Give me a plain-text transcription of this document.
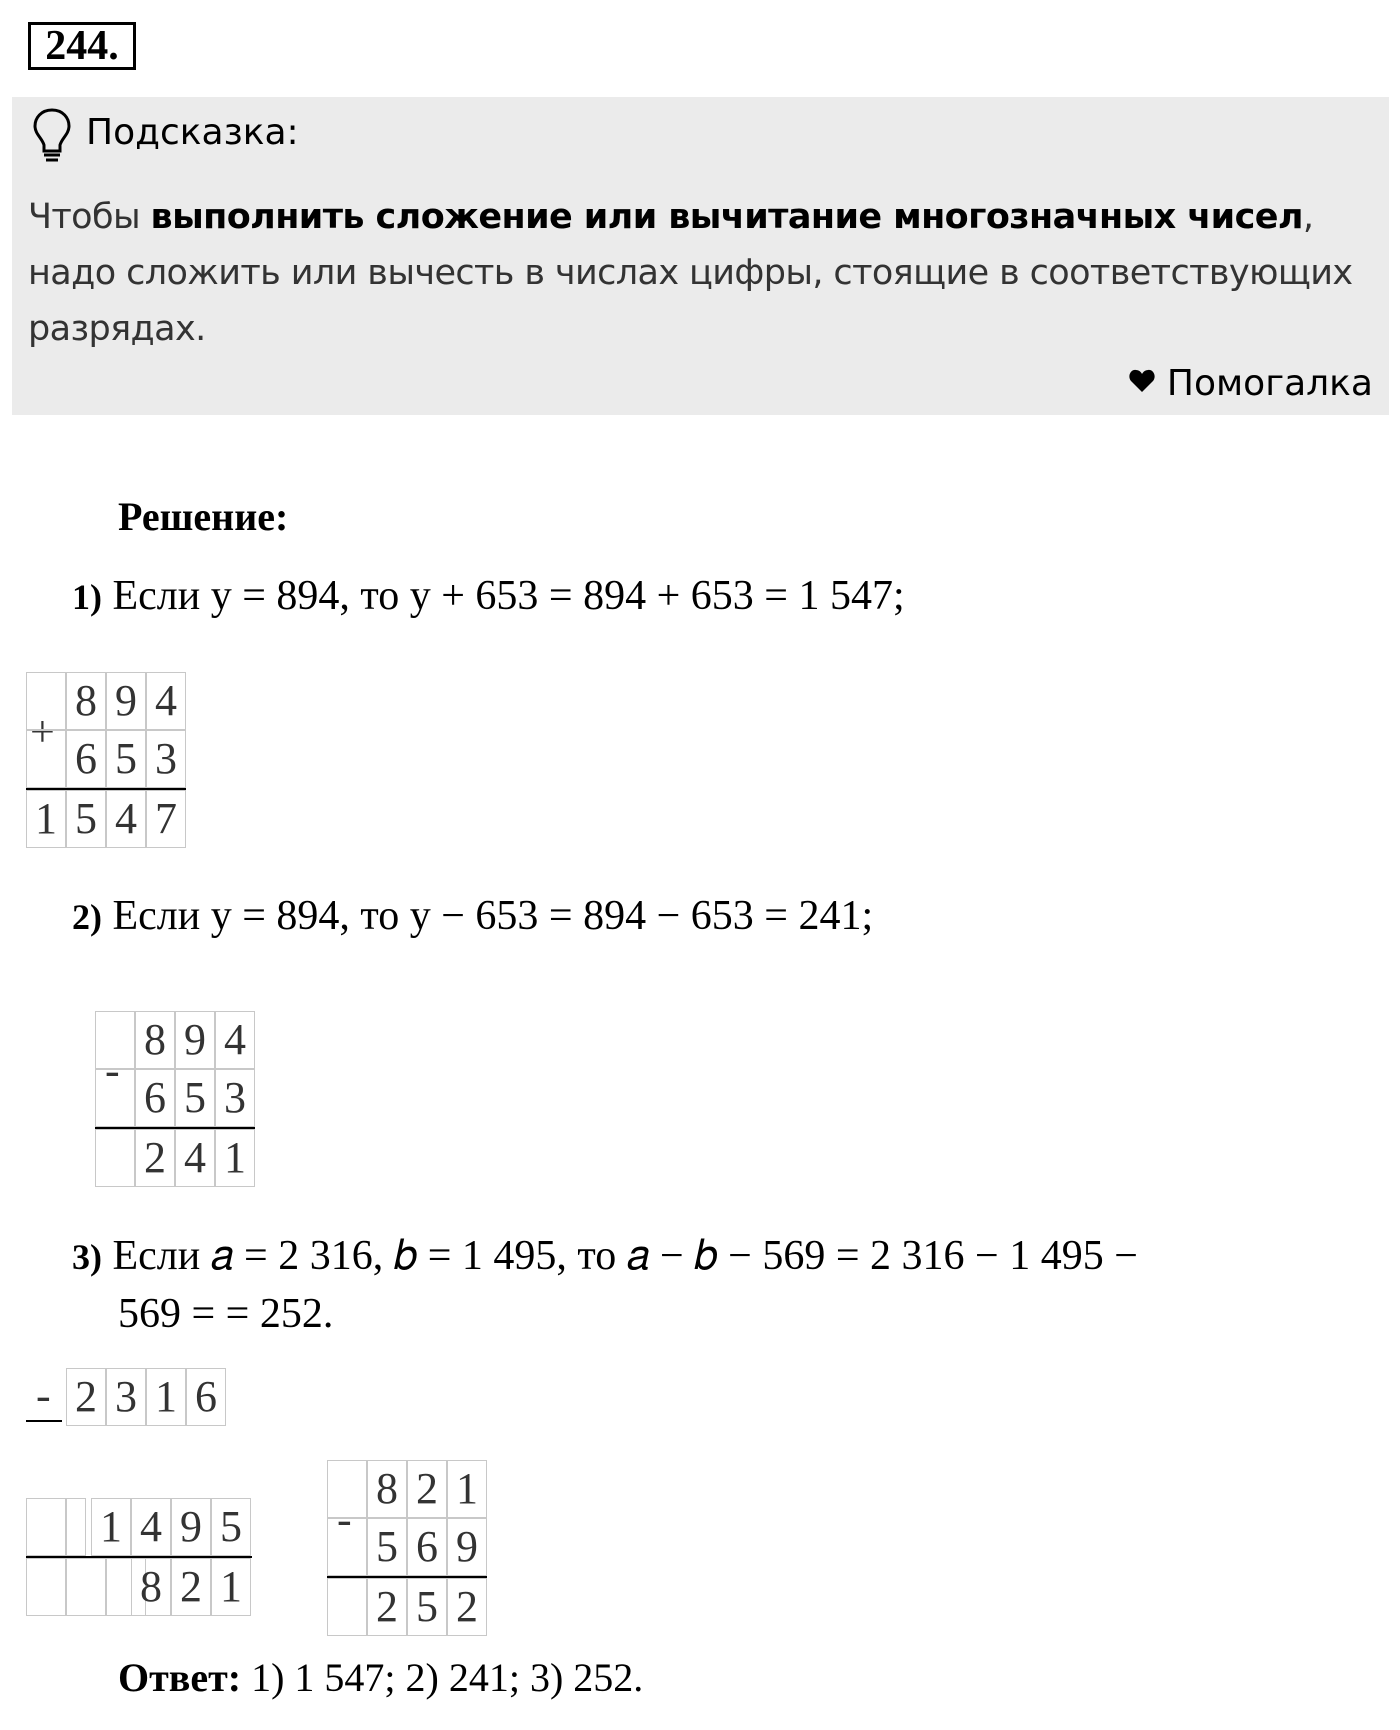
244.
Подсказка:
Чтобы выполнить сложение или вычитание многозначных чисел, надо сложить или вычесть в числах цифры, стоящие в соответствующих разрядах.
Помогалка
Решение:
1) Если у = 894, то у + 653 = 894 + 653 = 1 547;
+
8 9 4
6 5 3
1 5 4 7
2) Если у = 894, то у − 653 = 894 − 653 = 241;
-
8 9 4
6 5 3
2 4 1
3) Если 𝑎 = 2 316, 𝑏 = 1 495, то 𝑎 − 𝑏 − 569 = 2 316 − 1 495 −
569 = = 252.
- 2 3 1 6
1 4 9 5
8 2 1
-
8 2 1
5 6 9
2 5 2
Ответ: 1) 1 547; 2) 241; 3) 252.
